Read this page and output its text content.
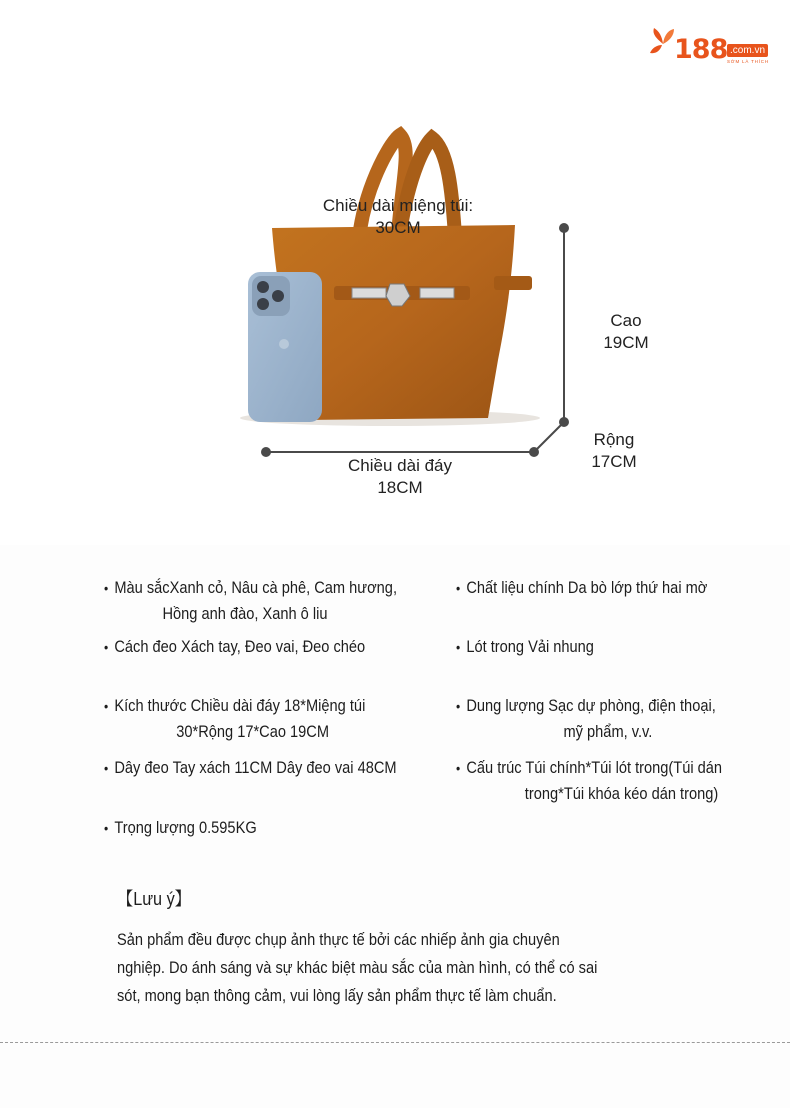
188 .com.vn
SỚM LÀ THÍCH
Chiều dài miệng túi:
30CM
Cao
19CM
Rộng
17CM
Chiều dài đáy
18CM
• Màu sắcXanh cỏ, Nâu cà phê, Cam hương,
Hồng anh đào, Xanh ô liu
• Chất liệu chính Da bò lớp thứ hai mờ
• Cách đeo Xách tay, Đeo vai, Đeo chéo	• Lót trong Vải nhung
• Kích thước Chiều dài đáy 18*Miệng túi
30*Rộng 17*Cao 19CM
• Dung lượng Sạc dự phòng, điện thoại,
mỹ phẩm, v.v.
• Dây đeo Tay xách 11CM Dây đeo vai 48CM	• Cấu trúc Túi chính*Túi lót trong(Túi dán
trong*Túi khóa kéo dán trong)
• Trọng lượng 0.595KG
【Lưu ý】
Sản phẩm đều được chụp ảnh thực tế bởi các nhiếp ảnh gia chuyên
nghiệp. Do ánh sáng và sự khác biệt màu sắc của màn hình, có thể có sai
sót, mong bạn thông cảm, vui lòng lấy sản phẩm thực tế làm chuẩn.
